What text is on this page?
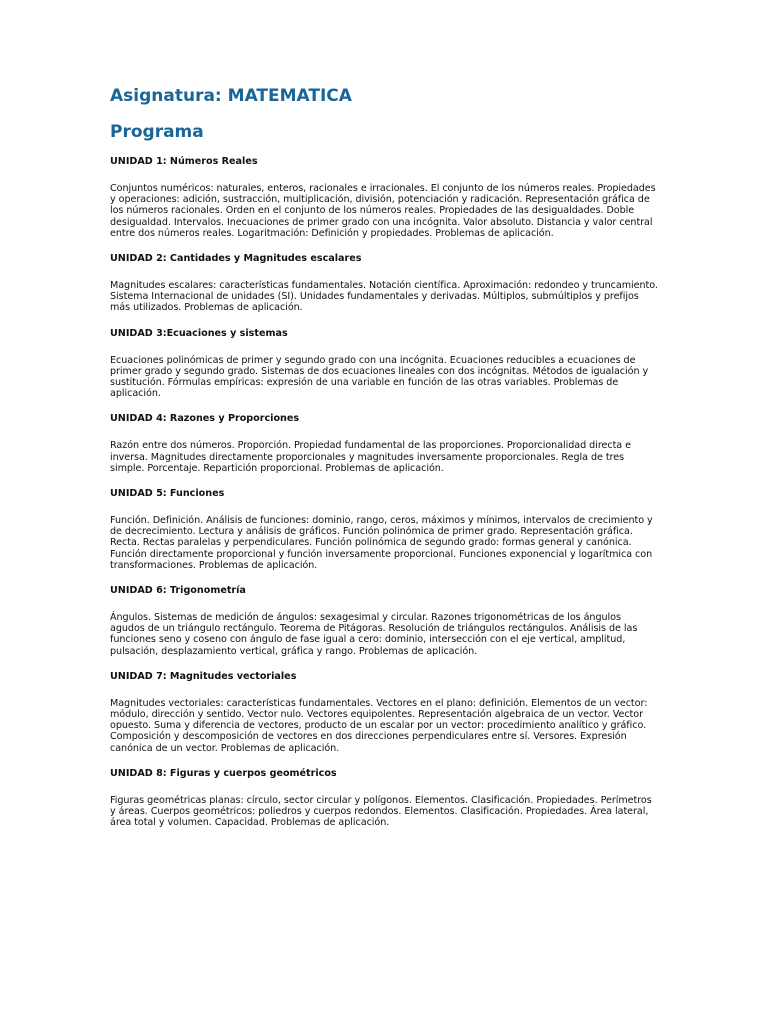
Asignatura: MATEMATICA
Programa

UNIDAD 1: Números Reales

Conjuntos numéricos: naturales, enteros, racionales e irracionales. El conjunto de los números reales. Propiedades y operaciones: adición, sustracción, multiplicación, división, potenciación y radicación. Representación gráfica de los números racionales. Orden en el conjunto de los números reales. Propiedades de las desigualdades. Doble desigualdad. Intervalos. Inecuaciones de primer grado con una incógnita. Valor absoluto. Distancia y valor central entre dos números reales. Logaritmación: Definición y propiedades. Problemas de aplicación.

UNIDAD 2: Cantidades y Magnitudes escalares

Magnitudes escalares: características fundamentales. Notación científica. Aproximación: redondeo y truncamiento. Sistema Internacional de unidades (SI). Unidades fundamentales y derivadas. Múltiplos, submúltiplos y prefijos más utilizados. Problemas de aplicación.

UNIDAD 3:Ecuaciones y sistemas

Ecuaciones polinómicas de primer y segundo grado con una incógnita. Ecuaciones reducibles a ecuaciones de primer grado y segundo grado. Sistemas de dos ecuaciones lineales con dos incógnitas. Métodos de igualación y sustitución. Fórmulas empíricas: expresión de una variable en función de las otras variables. Problemas de aplicación.

UNIDAD 4: Razones y Proporciones

Razón entre dos números. Proporción. Propiedad fundamental de las proporciones. Proporcionalidad directa e inversa. Magnitudes directamente proporcionales y magnitudes inversamente proporcionales. Regla de tres simple. Porcentaje. Repartición proporcional. Problemas de aplicación.

UNIDAD 5: Funciones

Función. Definición. Análisis de funciones: dominio, rango, ceros, máximos y mínimos, intervalos de crecimiento y de decrecimiento. Lectura y análisis de gráficos. Función polinómica de primer grado. Representación gráfica. Recta. Rectas paralelas y perpendiculares. Función polinómica de segundo grado: formas general y canónica. Función directamente proporcional y función inversamente proporcional. Funciones exponencial y logarítmica con transformaciones. Problemas de aplicación.

UNIDAD 6: Trigonometría

Ángulos. Sistemas de medición de ángulos: sexagesimal y circular. Razones trigonométricas de los ángulos agudos de un triángulo rectángulo. Teorema de Pitágoras. Resolución de triángulos rectángulos. Análisis de las funciones seno y coseno con ángulo de fase igual a cero: dominio, intersección con el eje vertical, amplitud, pulsación, desplazamiento vertical, gráfica y rango. Problemas de aplicación.

UNIDAD 7: Magnitudes vectoriales

Magnitudes vectoriales: características fundamentales. Vectores en el plano: definición. Elementos de un vector: módulo, dirección y sentido. Vector nulo. Vectores equipolentes. Representación algebraica de un vector. Vector opuesto. Suma y diferencia de vectores, producto de un escalar por un vector: procedimiento analítico y gráfico. Composición y descomposición de vectores en dos direcciones perpendiculares entre sí. Versores. Expresión canónica de un vector. Problemas de aplicación.

UNIDAD 8: Figuras y cuerpos geométricos

Figuras geométricas planas: círculo, sector circular y polígonos. Elementos. Clasificación. Propiedades. Perímetros y áreas. Cuerpos geométricos: poliedros y cuerpos redondos. Elementos. Clasificación. Propiedades. Área lateral, área total y volumen. Capacidad. Problemas de aplicación.
